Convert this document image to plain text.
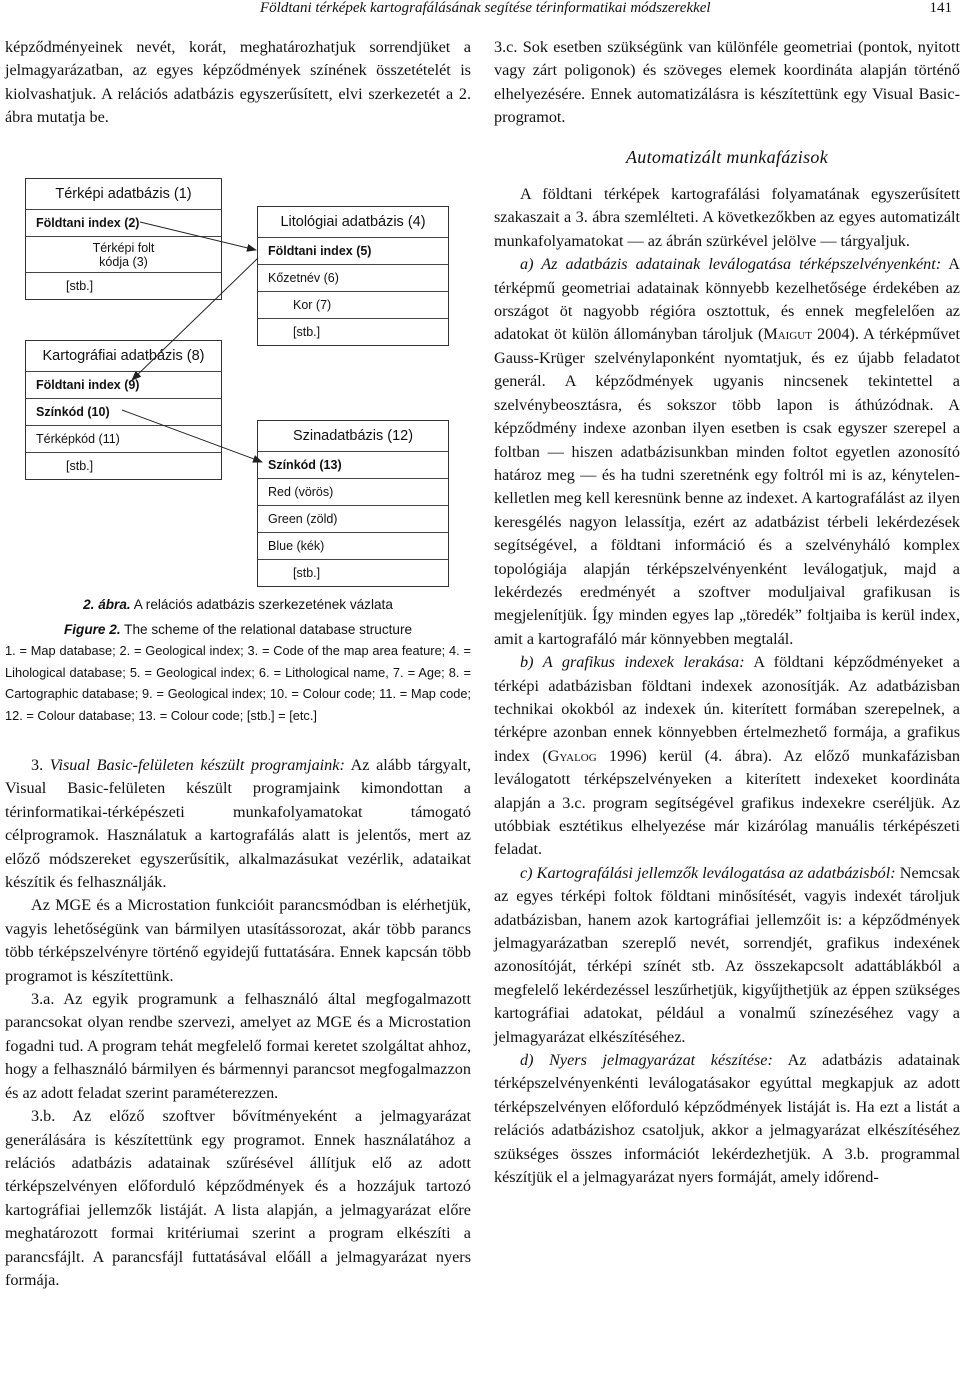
Földtani térképek kartografálásának segítése térinformatikai módszerekkel	141

képződményeinek nevét, korát, meghatározhatjuk sorrendjüket a jelmagyarázatban, az egyes képződmények színének összetételét is kiolvashatjuk. A relációs adatbázis egyszerűsített, elvi szerkezetét a 2. ábra mutatja be.

Térképi adatbázis (1)
Földtani index (2)
Térképi folt
kódja (3)
[stb.]
Litológiai adatbázis (4)
Földtani index (5)
Kőzetnév (6)
Kor (7)
[stb.]
Kartográfiai adatbázis (8)
Földtani index (9)
Színkód (10)
Térképkód (11)
[stb.]
Szinadatbázis (12)
Színkód (13)
Red (vörös)
Green (zöld)
Blue (kék)
[stb.]
2. ábra. A relációs adatbázis szerkezetének vázlata
Figure 2. The scheme of the relational database structure
1. = Map database; 2. = Geological index; 3. = Code of the map area feature; 4. = Lihological database; 5. = Geological index; 6. = Lithological name, 7. = Age; 8. = Cartographic database; 9. = Geological index; 10. = Colour code; 11. = Map code; 12. = Colour database; 13. = Colour code; [stb.] = [etc.]

3. Visual Basic-felületen készült programjaink: Az alább tárgyalt, Visual Basic-felületen készült programjaink kimondottan a térinformatikai-térképészeti munkafolyamatokat támogató célprogramok. Használatuk a kartografálás alatt is jelentős, mert az előző módszereket egyszerűsítik, alkalmazásukat vezérlik, adataikat készítik és felhasználják.

Az MGE és a Microstation funkcióit parancsmódban is elérhetjük, vagyis lehetőségünk van bármilyen utasítássorozat, akár több parancs több térképszelvényre történő egyidejű futtatására. Ennek kapcsán több programot is készítettünk.

3.a. Az egyik programunk a felhasználó által megfogalmazott parancsokat olyan rendbe szervezi, amelyet az MGE és a Microstation fogadni tud. A program tehát megfelelő formai keretet szolgáltat ahhoz, hogy a felhasználó bármilyen és bármennyi parancsot megfogalmazzon és az adott feladat szerint paraméterezzen.

3.b. Az előző szoftver bővítményeként a jelmagyarázat generálására is készítettünk egy programot. Ennek használatához a relációs adatbázis adatainak szűrésével állítjuk elő az adott térképszelvényen előforduló képződmények és a hozzájuk tartozó kartográfiai jellemzők listáját. A lista alapján, a jelmagyarázat előre meghatározott formai kritériumai szerint a program elkészíti a parancsfájlt. A parancsfájl futtatásával előáll a jelmagyarázat nyers formája.

3.c. Sok esetben szükségünk van különféle geometriai (pontok, nyitott vagy zárt poligonok) és szöveges elemek koordináta alapján történő elhelyezésére. Ennek automatizálásra is készítettünk egy Visual Basic-programot.

Automatizált munkafázisok

A földtani térképek kartografálási folyamatának egyszerűsített szakaszait a 3. ábra szemlélteti. A következőkben az egyes automatizált munkafolyamatokat — az ábrán szürkével jelölve — tárgyaljuk.

a) Az adatbázis adatainak leválogatása térképszelvényenként: A térképmű geometriai adatainak könnyebb kezelhetősége érdekében az országot öt nagyobb régióra osztottuk, és ennek megfelelően az adatokat öt külön állományban tároljuk (Maigut 2004). A térképművet Gauss-Krüger szelvénylaponként nyomtatjuk, és ez újabb feladatot generál. A képződmények ugyanis nincsenek tekintettel a szelvénybeosztásra, és sokszor több lapon is áthúzódnak. A képződmény indexe azonban ilyen esetben is csak egyszer szerepel a foltban — hiszen adatbázisunkban minden foltot egyetlen azonosító határoz meg — és ha tudni szeretnénk egy foltról mi is az, kénytelen-kelletlen meg kell keresnünk benne az indexet. A kartografálást az ilyen keresgélés nagyon lelassítja, ezért az adatbázist térbeli lekérdezések segítségével, a földtani információ és a szelvényháló komplex topológiája alapján térképszelvényenként leválogatjuk, majd a lekérdezés eredményét a szoftver moduljaival grafikusan is megjelenítjük. Így minden egyes lap „töredék” foltjaiba is kerül index, amit a kartografáló már könnyebben megtalál.

b) A grafikus indexek lerakása: A földtani képződményeket a térképi adatbázisban földtani indexek azonosítják. Az adatbázisban technikai okokból az indexek ún. kiterített formában szerepelnek, a térképre azonban ennek könnyebben értelmezhető formája, a grafikus index (Gyalog 1996) kerül (4. ábra). Az előző munkafázisban leválogatott térképszelvényeken a kiterített indexeket koordináta alapján a 3.c. program segítségével grafikus indexekre cseréljük. Az utóbbiak esztétikus elhelyezése már kizárólag manuális térképészeti feladat.

c) Kartografálási jellemzők leválogatása az adatbázisból: Nemcsak az egyes térképi foltok földtani minősítését, vagyis indexét tároljuk adatbázisban, hanem azok kartográfiai jellemzőit is: a képződmények jelmagyarázatban szereplő nevét, sorrendjét, grafikus indexének azonosítóját, térképi színét stb. Az összekapcsolt adattáblákból a megfelelő lekérdezéssel leszűrhetjük, kigyűjthetjük az éppen szükséges kartográfiai adatokat, például a vonalmű színezéséhez vagy a jelmagyarázat elkészítéséhez.

d) Nyers jelmagyarázat készítése: Az adatbázis adatainak térképszelvényenkénti leválogatásakor egyúttal megkapjuk az adott térképszelvényen előforduló képződmények listáját is. Ha ezt a listát a relációs adatbázishoz csatoljuk, akkor a jelmagyarázat elkészítéséhez szükséges összes információt lekérdezhetjük. A 3.b. programmal készítjük el a jelmagyarázat nyers formáját, amely időrend-
